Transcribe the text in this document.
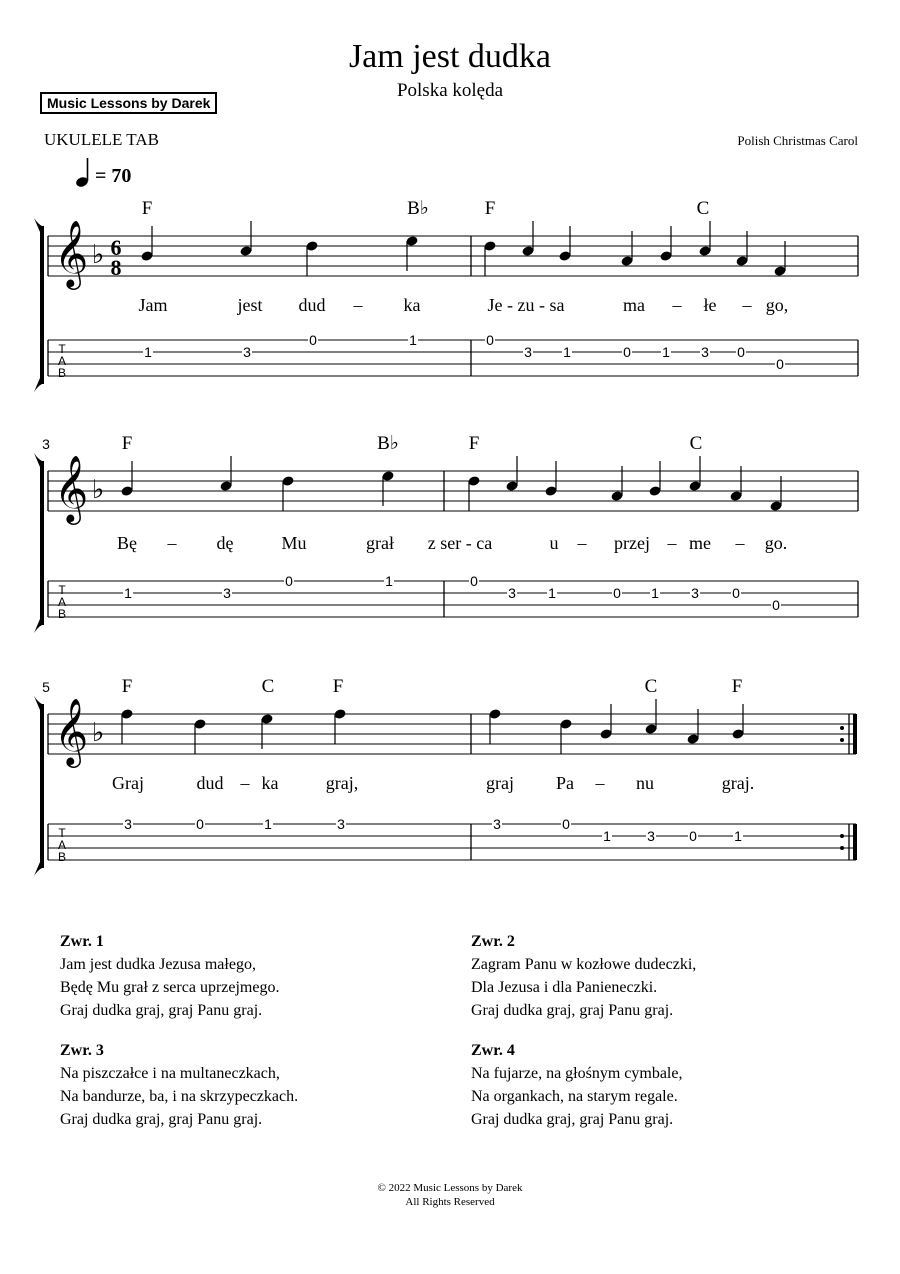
Jam jest dudka
Polska kolęda
Music Lessons by Darek
UKULELE TAB	Polish Christmas Carol
= 70
𝄞 ♭
T
A
B
6
8
F	B♭	F	C
Jam	jest dud – ka	Je - zu - sa	ma – łe – go,
1	3
0	1	0
3 1	0 1 3 0
0
3
𝄞 ♭
T
A
B
F	B♭	F	C
Bę – dę	Mu	grał z ser - ca	u – przej – me – go.
1	3
0	1	0
3 1	0 1 3 0
0
5
𝄞 ♭
T
A
B
F	C	F	C	F
Graj	dud – ka	graj,	graj Pa – nu	graj.
3	0	1	3	3	0
1	3 0	1
Zwr. 1
Jam jest dudka Jezusa małego,
Będę Mu grał z serca uprzejmego.
Graj dudka graj, graj Panu graj.
Zwr. 2
Zagram Panu w kozłowe dudeczki,
Dla Jezusa i dla Panieneczki.
Graj dudka graj, graj Panu graj.
Zwr. 3
Na piszczałce i na multaneczkach,
Na bandurze, ba, i na skrzypeczkach.
Graj dudka graj, graj Panu graj.
Zwr. 4
Na fujarze, na głośnym cymbale,
Na organkach, na starym regale.
Graj dudka graj, graj Panu graj.
© 2022 Music Lessons by Darek
All Rights Reserved
